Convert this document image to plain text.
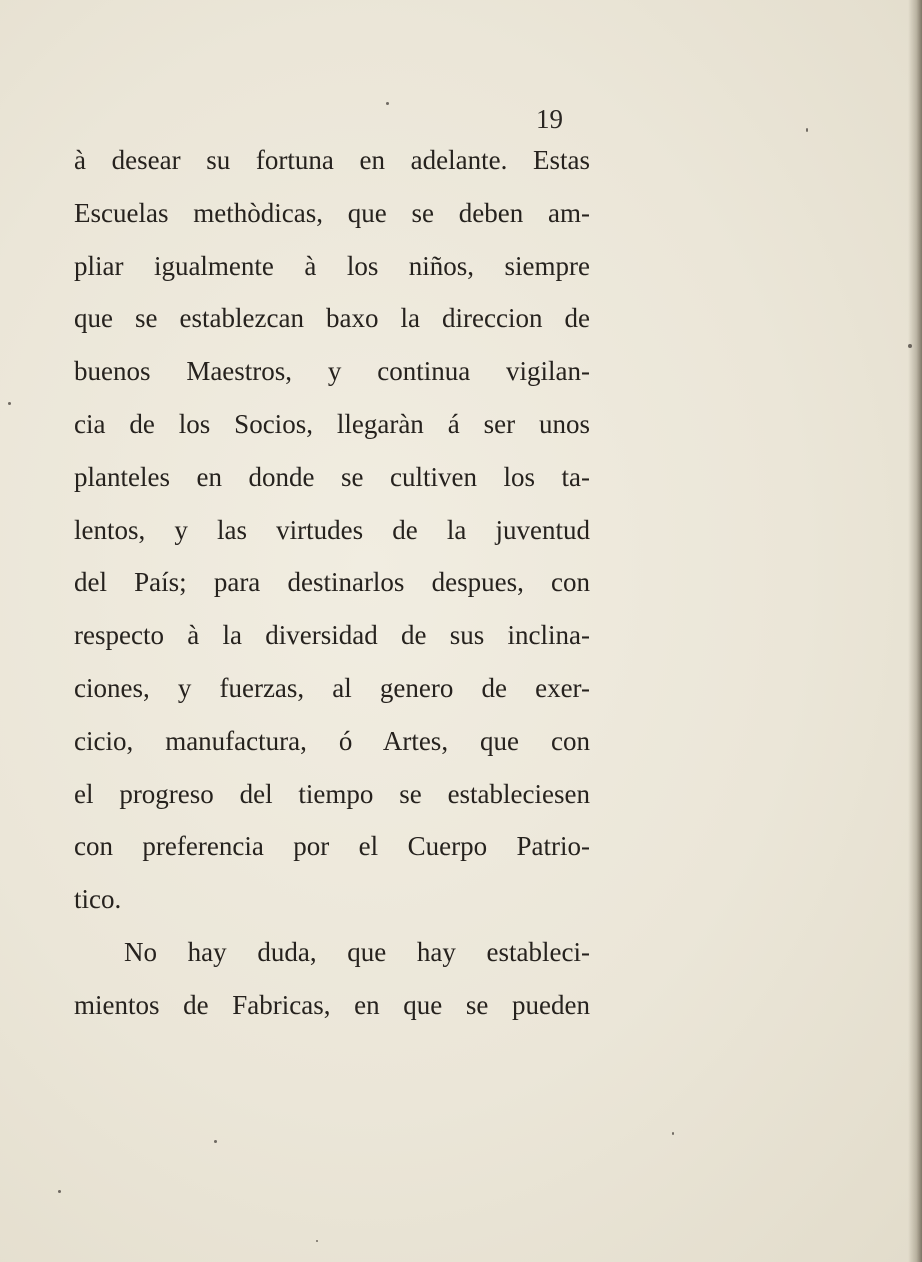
19

à desear su fortuna en adelante. Estas
Escuelas methòdicas, que se deben am-
pliar igualmente à los niños, siempre
que se establezcan baxo la direccion de
buenos Maestros, y continua vigilan-
cia de los Socios, llegaràn á ser unos
planteles en donde se cultiven los ta-
lentos, y las virtudes de la juventud
del País; para destinarlos despues, con
respecto à la diversidad de sus inclina-
ciones, y fuerzas, al genero de exer-
cicio, manufactura, ó Artes, que con
el progreso del tiempo se estableciesen
con preferencia por el Cuerpo Patrio-
tico.
No hay duda, que hay estableci-
mientos de Fabricas, en que se pueden
